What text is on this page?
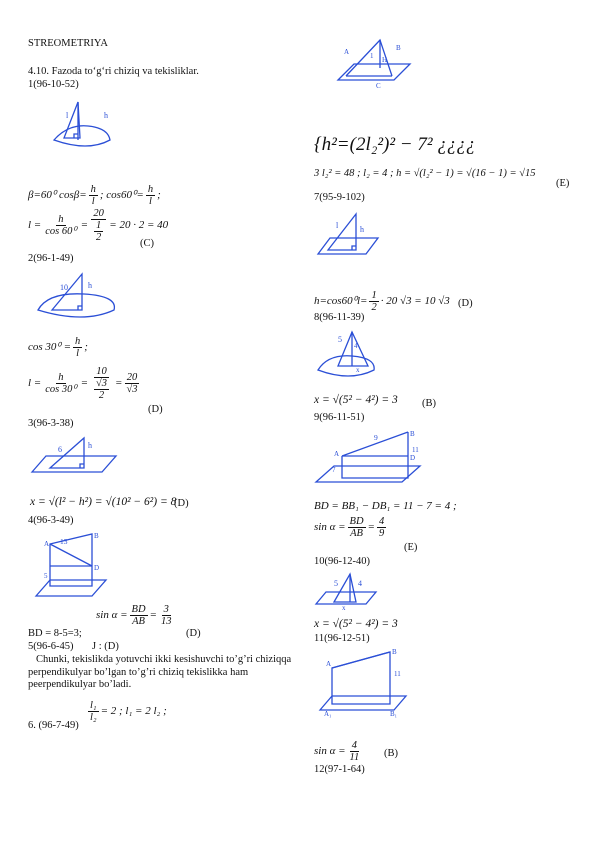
STREOMETRIYA
4.10. Fazoda to‘g‘ri chiziq va tekisliklar.
1(96-10-52)
l	h
β=60⁰ $\cos\beta= \frac{h}{l}$ ; $\cos 60^0= \frac{h}{l}$ ;
$l = \frac{h}{\text{cos 60⁰}} = \frac{20}{\frac{1}{2}} = 20 \cdot 2 = 40$
(C)
2(96-1-49)
10	h
$\cos 30^0 = \frac{h}{l}$ ;
$l = \frac{h}{\text{cos 30⁰}} = \frac{10}{\frac{√3}{2}} = \frac{20}{√3}$
(D)
3(96-3-38)
6	h
x = √(l² − h²) = √(10² − 6²) = 8
(D)
4(96-3-49)
13
A
B
D
5
$\sin \alpha = \frac{BD}{AB} = \frac{3}{13}$
BD = 8-5=3;	(D)
5(96-6-45) J : (D)
Chunki, tekislikda yotuvchi ikki kesishuvchi to’g’ri chiziqqa perpendikulyar bo’lgan to’g’ri chiziq tekislikka ham peerpendikulyar bo’ladi.
6. (96-7-49)
$\frac{\text{l₁}}{\text{l₂}} = 2$ ; l₁ = 2 l₂ ;
A	B
C
H
1
{h²=(2l₂²)² − 7² ¿¿¿¿
3 l₂² = 48 ; l₂ = 4 ; h = √(l₂² − 1) = √(16 − 1) = √15
(E)
7(95-9-102)
l	h
$h=\cos 60^0l= \frac{1}{2} \cdot 20$ √3 = 10 √3 (D)
8(96-11-39)
5
x
4
x = √(5² − 4²) = 3 (B)
9(96-11-51)
9
A
B
D
11
7
BD = BB₁ − DB₁ = 11 − 7 = 4 ;
$\sin \alpha = \frac{BD}{AB} = \frac{4}{9}$
(E)
10(96-12-40)
5
x
4
x = √(5² − 4²) = 3
11(96-12-51)
A
B
11
B₁
A₁
$\sin \alpha = \frac{4}{11} (B)$
12(97-1-64)
